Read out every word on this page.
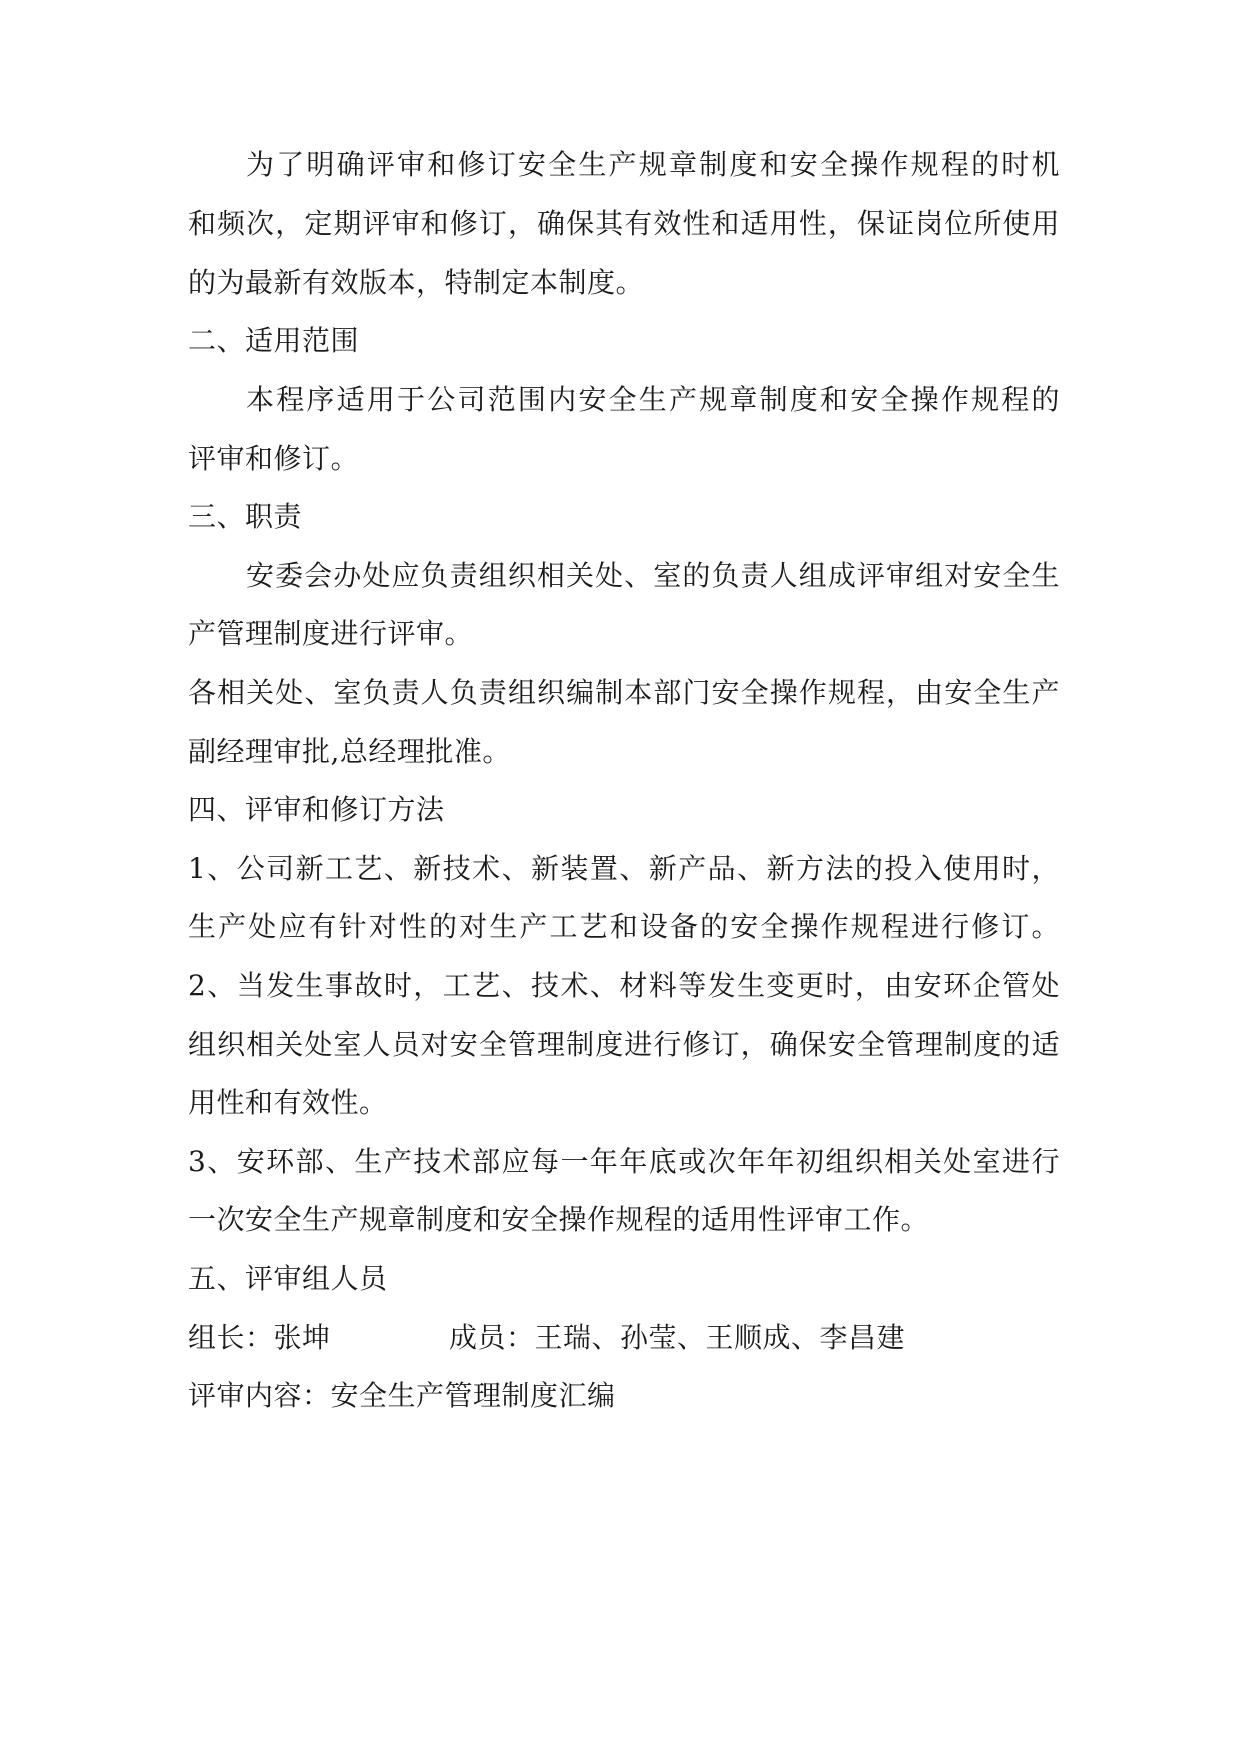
为了明确评审和修订安全生产规章制度和安全操作规程的时机
和频次，定期评审和修订，确保其有效性和适用性，保证岗位所使用
的为最新有效版本，特制定本制度。
二、适用范围
本程序适用于公司范围内安全生产规章制度和安全操作规程的
评审和修订。
三、职责
安委会办处应负责组织相关处、室的负责人组成评审组对安全生
产管理制度进行评审。
各相关处、室负责人负责组织编制本部门安全操作规程，由安全生产
副经理审批,总经理批准。
四、评审和修订方法
1、公司新工艺、新技术、新装置、新产品、新方法的投入使用时，
生产处应有针对性的对生产工艺和设备的安全操作规程进行修订。
2、当发生事故时，工艺、技术、材料等发生变更时，由安环企管处
组织相关处室人员对安全管理制度进行修订，确保安全管理制度的适
用性和有效性。
3、安环部、生产技术部应每一年年底或次年年初组织相关处室进行
一次安全生产规章制度和安全操作规程的适用性评审工作。
五、评审组人员
组长：张坤	成员：王瑞、孙莹、王顺成、李昌建
评审内容：安全生产管理制度汇编
